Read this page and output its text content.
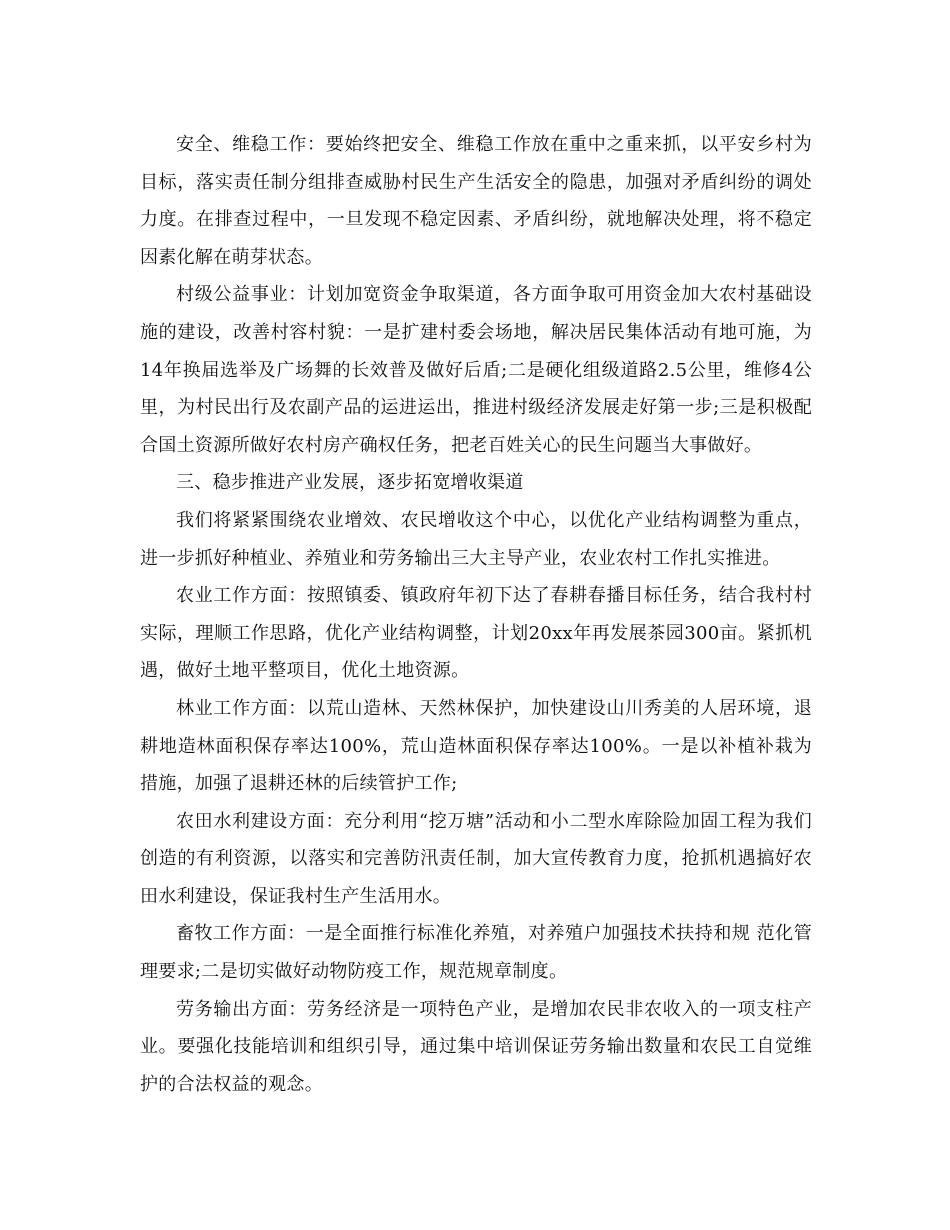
安全、维稳工作：要始终把安全、维稳工作放在重中之重来抓，以平安乡村为目标，落实责任制分组排查威胁村民生产生活安全的隐患，加强对矛盾纠纷的调处力度。在排查过程中，一旦发现不稳定因素、矛盾纠纷，就地解决处理，将不稳定因素化解在萌芽状态。

村级公益事业：计划加宽资金争取渠道，各方面争取可用资金加大农村基础设施的建设，改善村容村貌：一是扩建村委会场地，解决居民集体活动有地可施，为14年换届选举及广场舞的长效普及做好后盾;二是硬化组级道路2.5公里，维修4公里，为村民出行及农副产品的运进运出，推进村级经济发展走好第一步;三是积极配合国土资源所做好农村房产确权任务，把老百姓关心的民生问题当大事做好。

三、稳步推进产业发展，逐步拓宽增收渠道

我们将紧紧围绕农业增效、农民增收这个中心，以优化产业结构调整为重点，进一步抓好种植业、养殖业和劳务输出三大主导产业，农业农村工作扎实推进。

农业工作方面：按照镇委、镇政府年初下达了春耕春播目标任务，结合我村村实际，理顺工作思路，优化产业结构调整，计划20xx年再发展茶园300亩。紧抓机遇，做好土地平整项目，优化土地资源。

林业工作方面：以荒山造林、天然林保护，加快建设山川秀美的人居环境，退耕地造林面积保存率达100%，荒山造林面积保存率达100%。一是以补植补栽为措施，加强了退耕还林的后续管护工作;

农田水利建设方面：充分利用“挖万塘”活动和小二型水库除险加固工程为我们创造的有利资源，以落实和完善防汛责任制，加大宣传教育力度，抢抓机遇搞好农田水利建设，保证我村生产生活用水。

畜牧工作方面：一是全面推行标准化养殖，对养殖户加强技术扶持和规 范化管理要求;二是切实做好动物防疫工作，规范规章制度。

劳务输出方面：劳务经济是一项特色产业，是增加农民非农收入的一项支柱产业。要强化技能培训和组织引导，通过集中培训保证劳务输出数量和农民工自觉维护的合法权益的观念。
